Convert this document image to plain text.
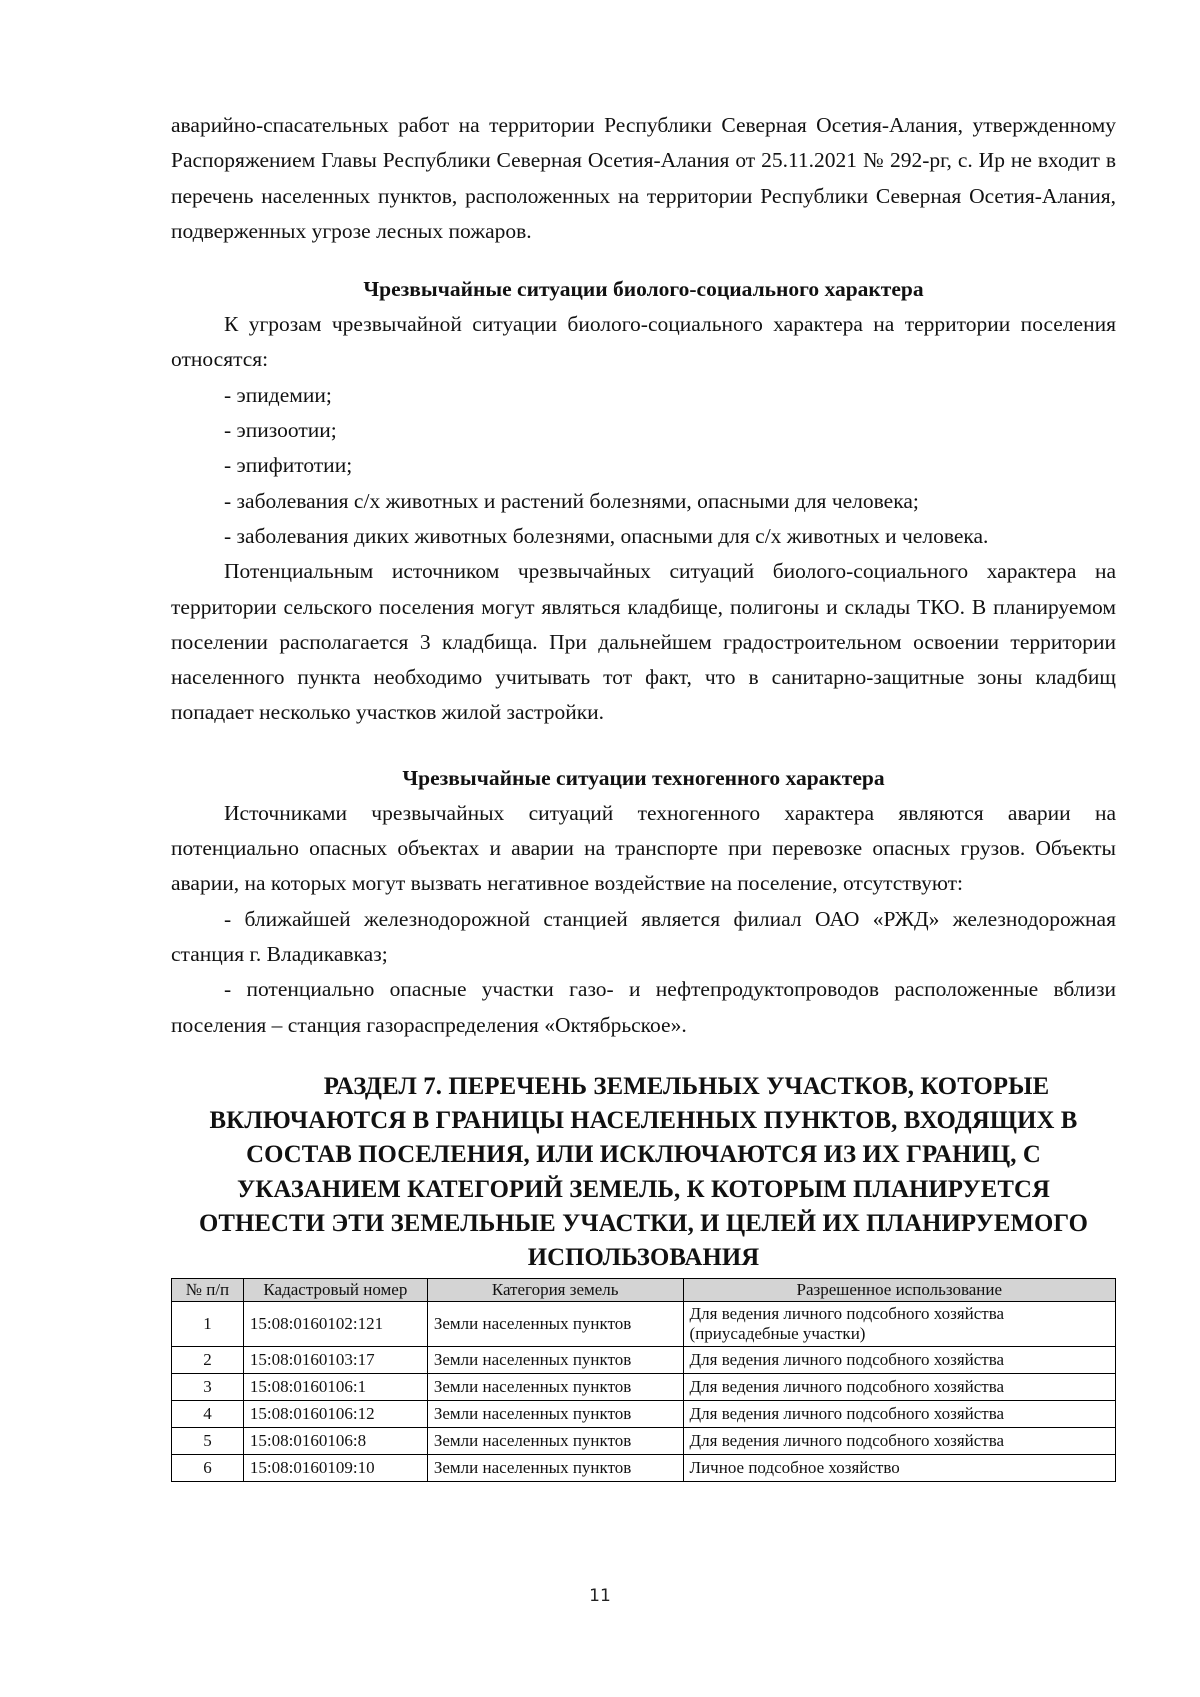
аварийно-спасательных работ на территории Республики Северная Осетия-Алания, утвержденному Распоряжением Главы Республики Северная Осетия-Алания от 25.11.2021 № 292-рг, с. Ир не входит в перечень населенных пунктов, расположенных на территории Республики Северная Осетия-Алания, подверженных угрозе лесных пожаров.

Чрезвычайные ситуации биолого-социального характера

К угрозам чрезвычайной ситуации биолого-социального характера на территории поселения относятся:

- эпидемии;

- эпизоотии;

- эпифитотии;

- заболевания с/х животных и растений болезнями, опасными для человека;

- заболевания диких животных болезнями, опасными для с/х животных и человека.

Потенциальным источником чрезвычайных ситуаций биолого-социального характера на территории сельского поселения могут являться кладбище, полигоны и склады ТКО. В планируемом поселении располагается 3 кладбища. При дальнейшем градостроительном освоении территории населенного пункта необходимо учитывать тот факт, что в санитарно-защитные зоны кладбищ попадает несколько участков жилой застройки.

Чрезвычайные ситуации техногенного характера

Источниками чрезвычайных ситуаций техногенного характера являются аварии на потенциально опасных объектах и аварии на транспорте при перевозке опасных грузов. Объекты аварии, на которых могут вызвать негативное воздействие на поселение, отсутствуют:

- ближайшей железнодорожной станцией является филиал ОАО «РЖД» железнодорожная станция г. Владикавказ;

- потенциально опасные участки газо- и нефтепродуктопроводов расположенные вблизи поселения – станция газораспределения «Октябрьское».

РАЗДЕЛ 7. ПЕРЕЧЕНЬ ЗЕМЕЛЬНЫХ УЧАСТКОВ, КОТОРЫЕ
ВКЛЮЧАЮТСЯ В ГРАНИЦЫ НАСЕЛЕННЫХ ПУНКТОВ, ВХОДЯЩИХ В СОСТАВ ПОСЕЛЕНИЯ, ИЛИ ИСКЛЮЧАЮТСЯ ИЗ ИХ ГРАНИЦ, С УКАЗАНИЕМ КАТЕГОРИЙ ЗЕМЕЛЬ, К КОТОРЫМ ПЛАНИРУЕТСЯ ОТНЕСТИ ЭТИ ЗЕМЕЛЬНЫЕ УЧАСТКИ, И ЦЕЛЕЙ ИХ ПЛАНИРУЕМОГО ИСПОЛЬЗОВАНИЯ
№ п/п	Кадастровый номер	Категория земель	Разрешенное использование
1	15:08:0160102:121	Земли населенных пунктов	Для ведения личного подсобного хозяйства (приусадебные участки)
2	15:08:0160103:17	Земли населенных пунктов	Для ведения личного подсобного хозяйства
3	15:08:0160106:1	Земли населенных пунктов	Для ведения личного подсобного хозяйства
4	15:08:0160106:12	Земли населенных пунктов	Для ведения личного подсобного хозяйства
5	15:08:0160106:8	Земли населенных пунктов	Для ведения личного подсобного хозяйства
6	15:08:0160109:10	Земли населенных пунктов	Личное подсобное хозяйство
11
